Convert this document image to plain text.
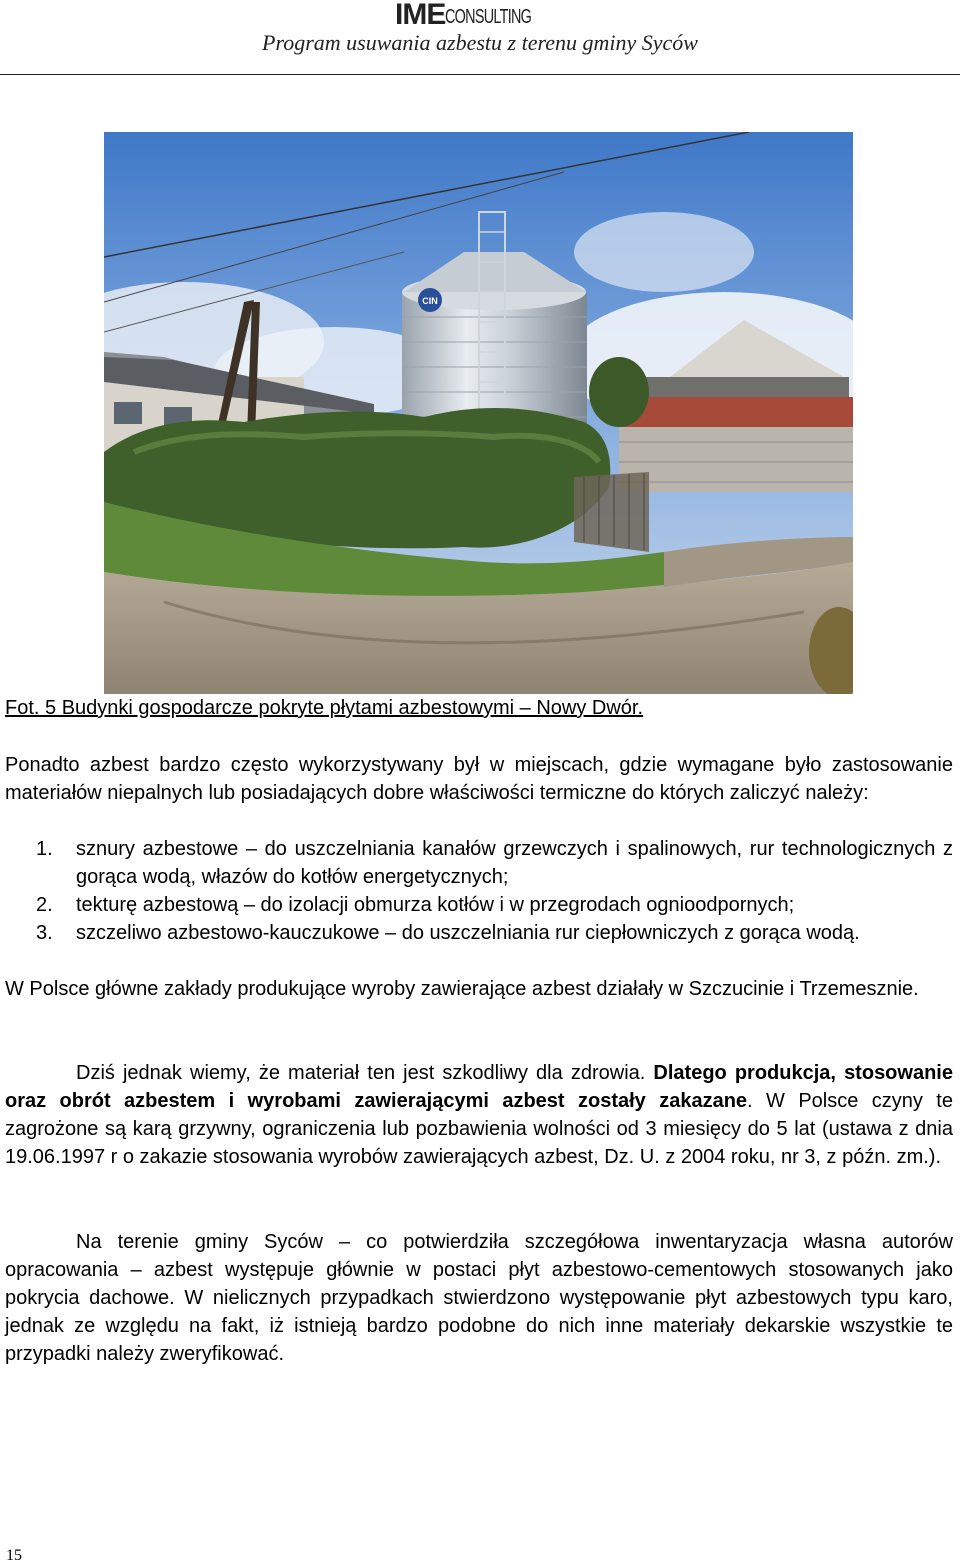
IMECONSULTING
Program usuwania azbestu z terenu gminy Syców
CIN
Fot. 5 Budynki gospodarcze pokryte płytami azbestowymi – Nowy Dwór.
Ponadto azbest bardzo często wykorzystywany był w miejscach, gdzie wymagane było zastosowanie materiałów niepalnych lub posiadających dobre właściwości termiczne do których zaliczyć należy:
1. sznury azbestowe – do uszczelniania kanałów grzewczych i spalinowych, rur technologicznych z gorąca wodą, włazów do kotłów energetycznych;
2. tekturę azbestową – do izolacji obmurza kotłów i w przegrodach ognioodpornych;
3. szczeliwo azbestowo-kauczukowe – do uszczelniania rur ciepłowniczych z gorąca wodą.
W Polsce główne zakłady produkujące wyroby zawierające azbest działały w Szczucinie i Trzemesznie.
Dziś jednak wiemy, że materiał ten jest szkodliwy dla zdrowia. Dlatego produkcja, stosowanie oraz obrót azbestem i wyrobami zawierającymi azbest zostały zakazane. W Polsce czyny te zagrożone są karą grzywny, ograniczenia lub pozbawienia wolności od 3 miesięcy do 5 lat (ustawa z dnia 19.06.1997 r o zakazie stosowania wyrobów zawierających azbest, Dz. U. z 2004 roku, nr 3, z późn. zm.).
Na terenie gminy Syców – co potwierdziła szczegółowa inwentaryzacja własna autorów opracowania – azbest występuje głównie w postaci płyt azbestowo-cementowych stosowanych jako pokrycia dachowe. W nielicznych przypadkach stwierdzono występowanie płyt azbestowych typu karo, jednak ze względu na fakt, iż istnieją bardzo podobne do nich inne materiały dekarskie wszystkie te przypadki należy zweryfikować.
15
